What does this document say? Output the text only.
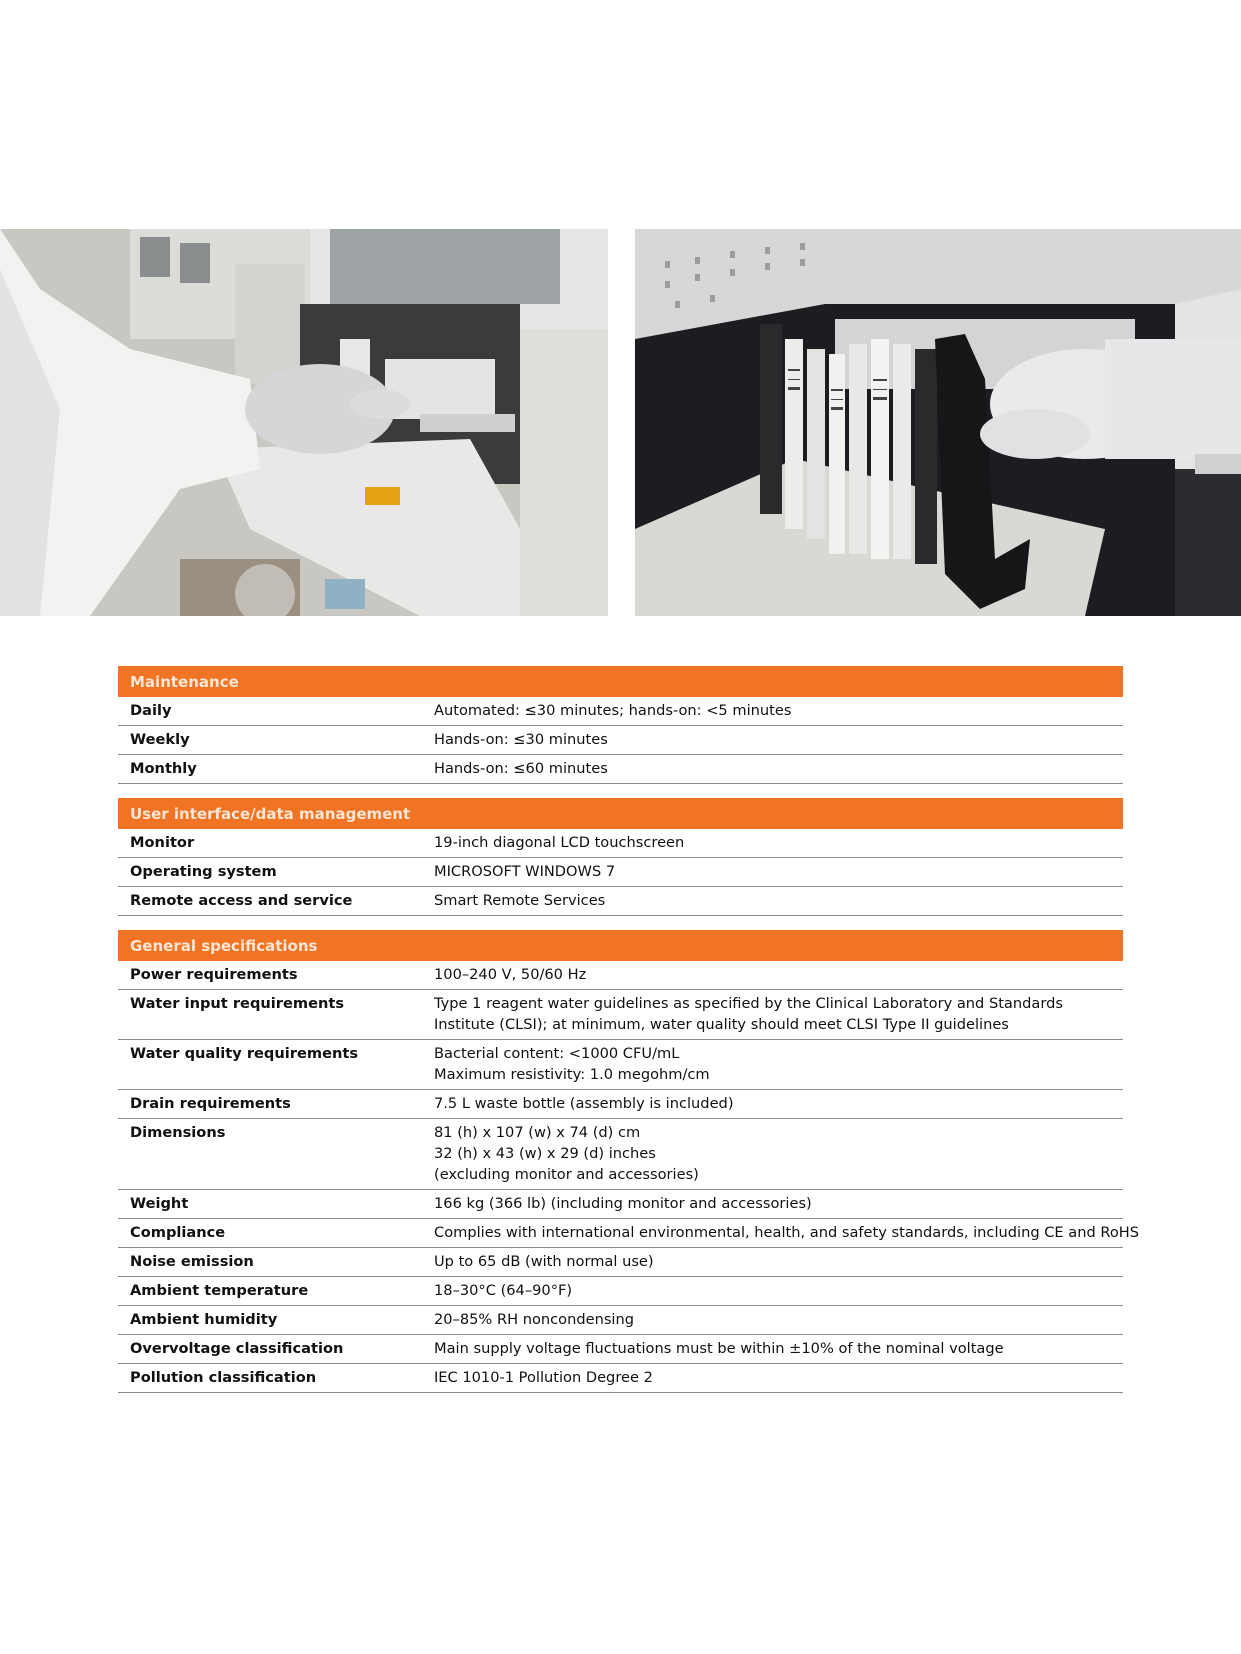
Maintenance
Daily	Automated: ≤30 minutes; hands-on: <5 minutes
Weekly	Hands-on: ≤30 minutes
Monthly	Hands-on: ≤60 minutes
User interface/data management
Monitor	19-inch diagonal LCD touchscreen
Operating system	MICROSOFT WINDOWS 7
Remote access and service	Smart Remote Services
General specifications
Power requirements	100–240 V, 50/60 Hz
Water input requirements	Type 1 reagent water guidelines as specified by the Clinical Laboratory and Standards
Institute (CLSI); at minimum, water quality should meet CLSI Type II guidelines
Water quality requirements	Bacterial content: <1000 CFU/mL
Maximum resistivity: 1.0 megohm/cm
Drain requirements	7.5 L waste bottle (assembly is included)
Dimensions	81 (h) x 107 (w) x 74 (d) cm
32 (h) x 43 (w) x 29 (d) inches
(excluding monitor and accessories)
Weight	166 kg (366 lb) (including monitor and accessories)
Compliance	Complies with international environmental, health, and safety standards, including CE and RoHS
Noise emission	Up to 65 dB (with normal use)
Ambient temperature	18–30°C (64–90°F)
Ambient humidity	20–85% RH noncondensing
Overvoltage classification	Main supply voltage fluctuations must be within ±10% of the nominal voltage
Pollution classification	IEC 1010-1 Pollution Degree 2
